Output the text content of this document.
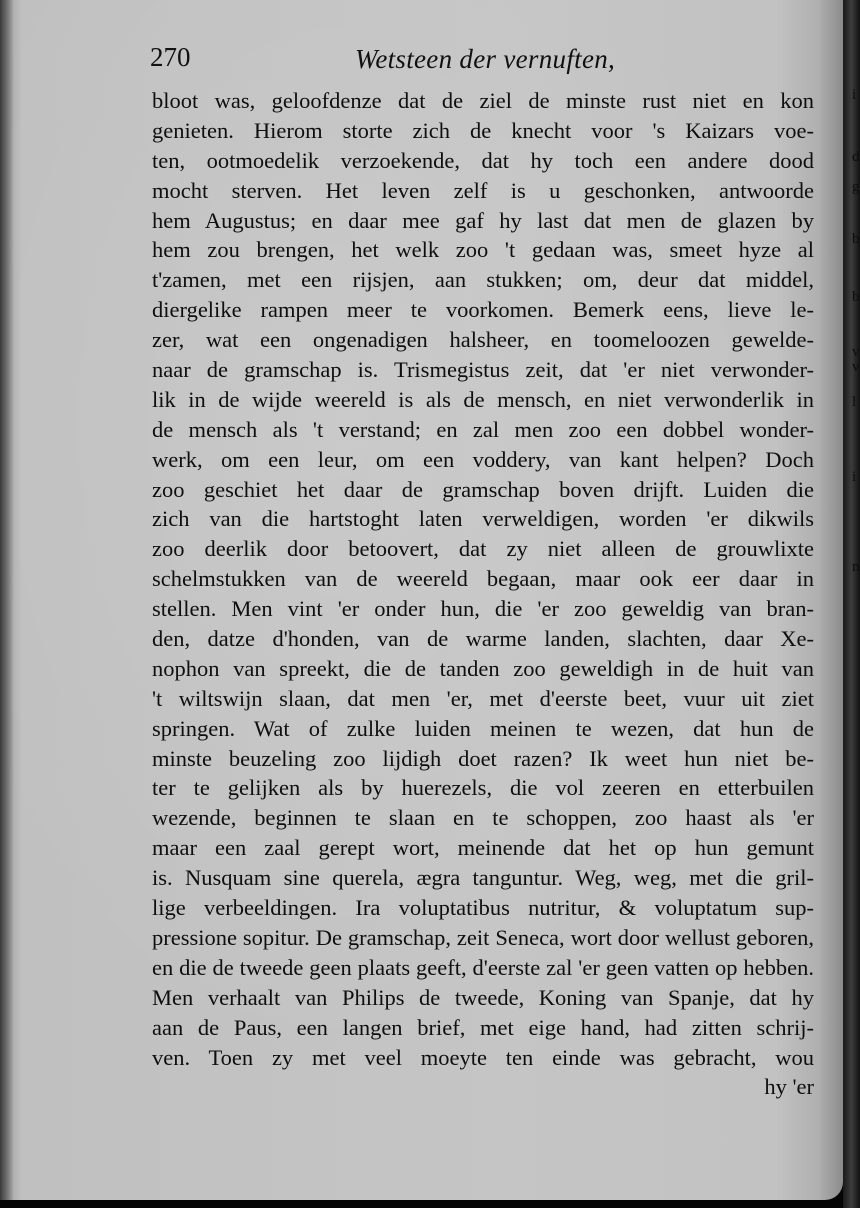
270	Wetsteen der vernuften,
bloot was, geloofdenze dat de ziel de minste rust niet en kon
genieten. Hierom storte zich de knecht voor 's Kaizars voe-
ten, ootmoedelik verzoekende, dat hy toch een andere dood
mocht sterven. Het leven zelf is u geschonken, antwoorde
hem Augustus; en daar mee gaf hy last dat men de glazen by
hem zou brengen, het welk zoo 't gedaan was, smeet hyze al
t'zamen, met een rijsjen, aan stukken; om, deur dat middel,
diergelike rampen meer te voorkomen. Bemerk eens, lieve le-
zer, wat een ongenadigen halsheer, en toomeloozen gewelde-
naar de gramschap is. Trismegistus zeit, dat 'er niet verwonder-
lik in de wijde weereld is als de mensch, en niet verwonderlik in
de mensch als 't verstand; en zal men zoo een dobbel wonder-
werk, om een leur, om een voddery, van kant helpen? Doch
zoo geschiet het daar de gramschap boven drijft. Luiden die
zich van die hartstoght laten verweldigen, worden 'er dikwils
zoo deerlik door betoovert, dat zy niet alleen de grouwlixte
schelmstukken van de weereld begaan, maar ook eer daar in
stellen. Men vint 'er onder hun, die 'er zoo geweldig van bran-
den, datze d'honden, van de warme landen, slachten, daar Xe-
nophon van spreekt, die de tanden zoo geweldigh in de huit van
't wiltswijn slaan, dat men 'er, met d'eerste beet, vuur uit ziet
springen. Wat of zulke luiden meinen te wezen, dat hun de
minste beuzeling zoo lijdigh doet razen? Ik weet hun niet be-
ter te gelijken als by huerezels, die vol zeeren en etterbuilen
wezende, beginnen te slaan en te schoppen, zoo haast als 'er
maar een zaal gerept wort, meinende dat het op hun gemunt
is. Nusquam sine querela, ægra tanguntur. Weg, weg, met die gril-
lige verbeeldingen. Ira voluptatibus nutritur, & voluptatum sup-
pressione sopitur. De gramschap, zeit Seneca, wort door wellust geboren,
en die de tweede geen plaats geeft, d'eerste zal 'er geen vatten op hebben.
Men verhaalt van Philips de tweede, Koning van Spanje, dat hy
aan de Paus, een langen brief, met eige hand, had zitten schrij-
ven. Toen zy met veel moeyte ten einde was gebracht, wou
hy 'er

i
d
g
b
b
v
v
l
i
n
